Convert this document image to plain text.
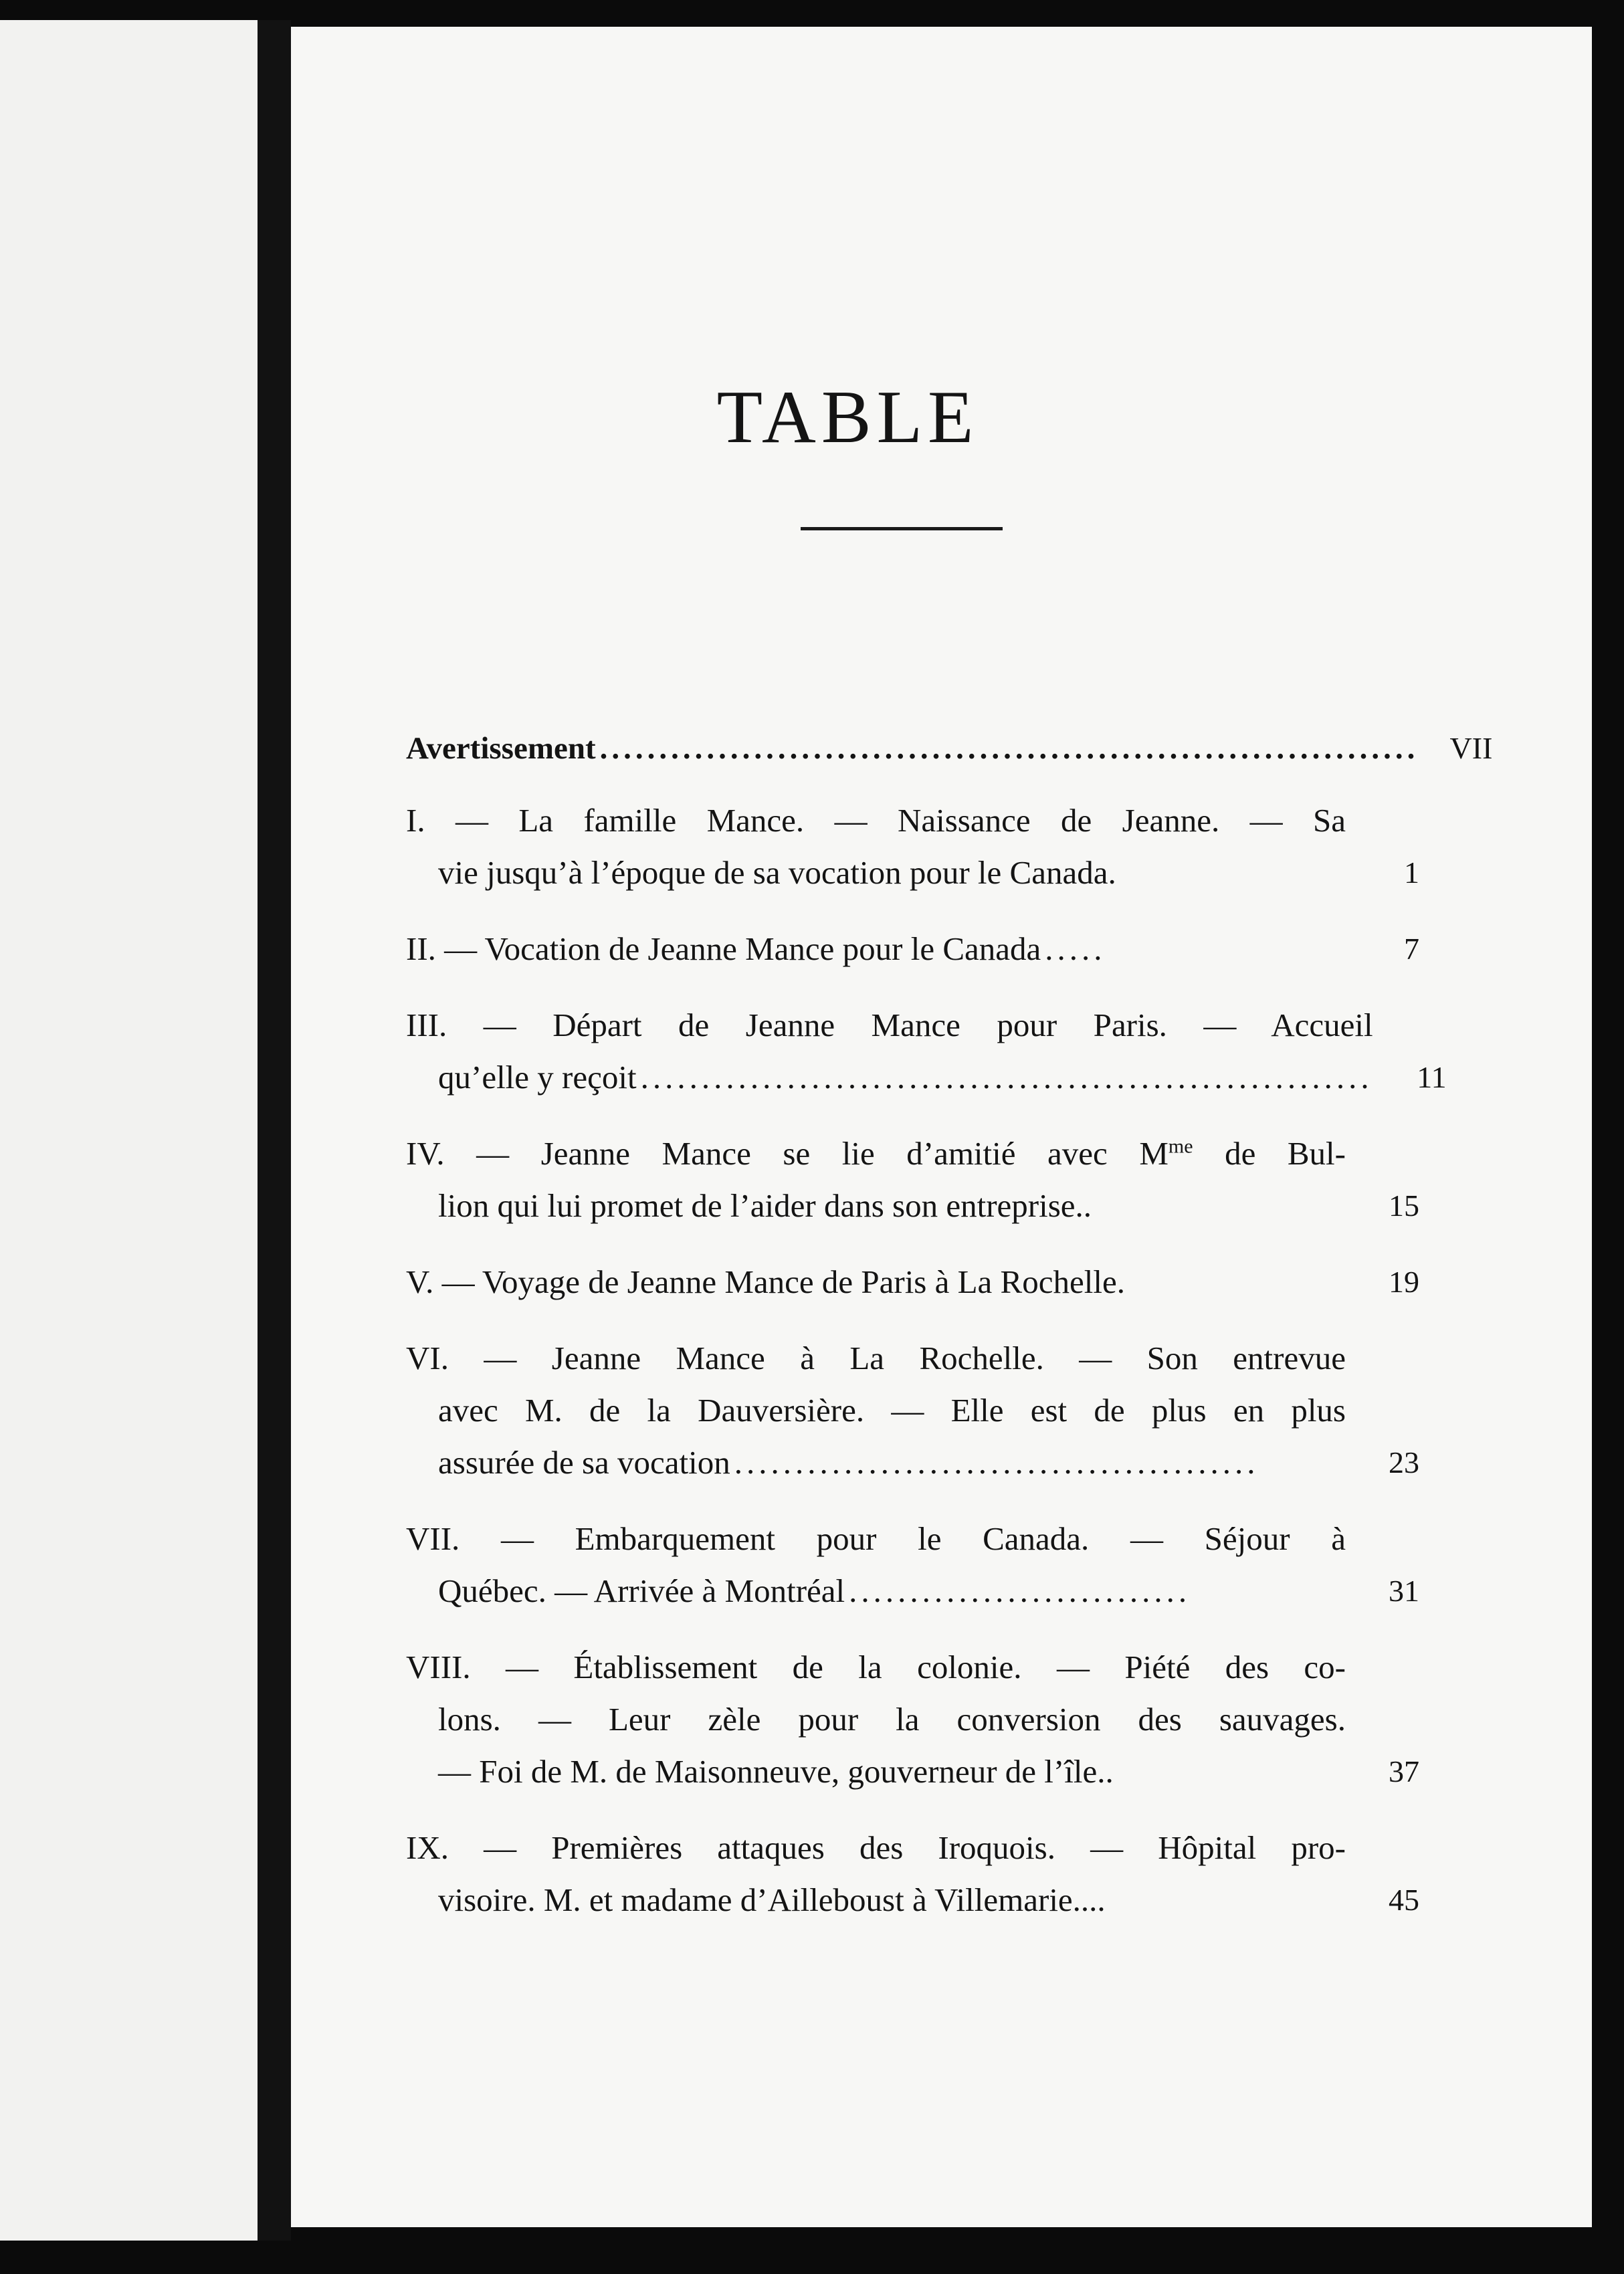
TABLE
Avertissement .....................................................................	VII
I. — La famille Mance. — Naissance de Jeanne. — Sa
vie jusqu’à l’époque de sa vocation pour le Canada.	1
II. — Vocation de Jeanne Mance pour le Canada .....	7
III. — Départ de Jeanne Mance pour Paris. — Accueil
qu’elle y reçoit ............................................................	11
IV. — Jeanne Mance se lie d’amitié avec $M^{me}$ de Bul-
lion qui lui promet de l’aider dans son entreprise..	15
V. — Voyage de Jeanne Mance de Paris à La Rochelle.	19
VI. — Jeanne Mance à La Rochelle. — Son entrevue
avec M. de la Dauversière. — Elle est de plus en plus
assurée de sa vocation ...........................................	23
VII. — Embarquement pour le Canada. — Séjour à
Québec. — Arrivée à Montréal ............................	31
VIII. — Établissement de la colonie. — Piété des co-
lons. — Leur zèle pour la conversion des sauvages.
— Foi de M. de Maisonneuve, gouverneur de l’île..	37
IX. — Premières attaques des Iroquois. — Hôpital pro-
visoire. M. et madame d’Ailleboust à Villemarie....	45
